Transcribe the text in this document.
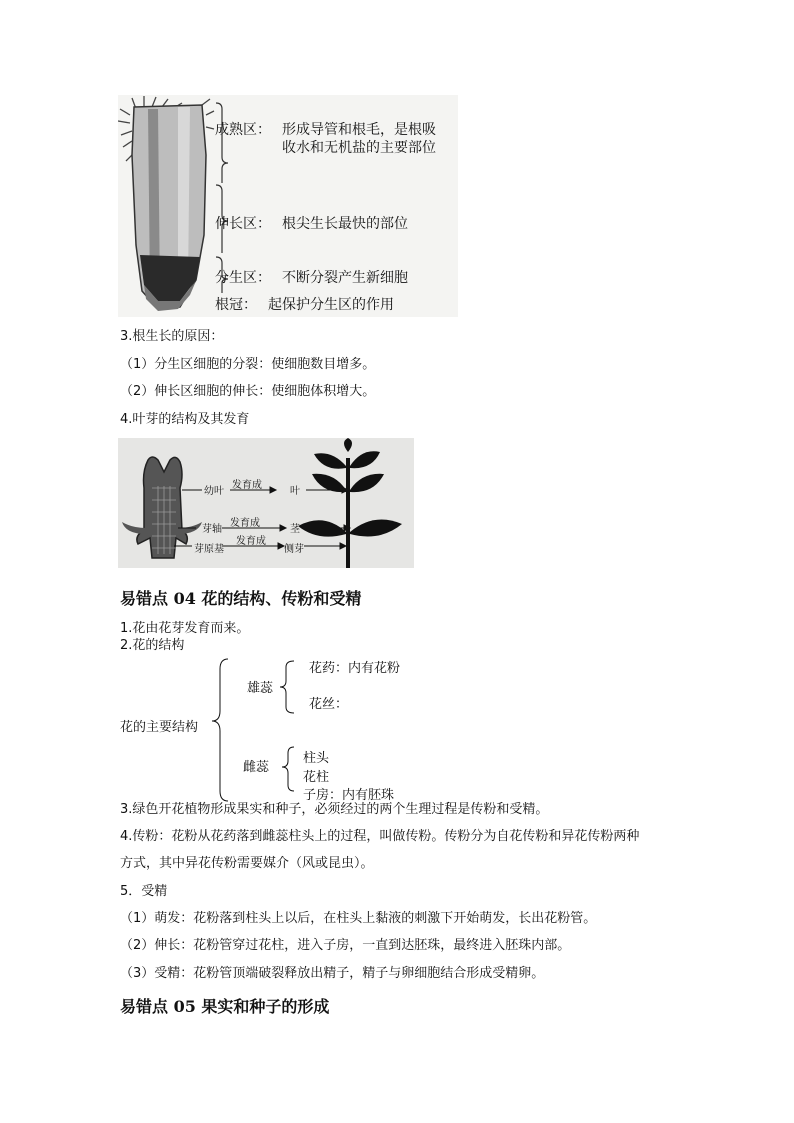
成熟区： 形成导管和根毛，是根吸
收水和无机盐的主要部位
伸长区： 根尖生长最快的部位
分生区： 不断分裂产生新细胞
根冠： 起保护分生区的作用
3.根生长的原因：
（1）分生区细胞的分裂：使细胞数目增多。
（2）伸长区细胞的伸长：使细胞体积增大。
4.叶芽的结构及其发育
幼叶
发育成
叶
芽轴
发育成
茎
芽原基
发育成
侧芽
易错点 04 花的结构、传粉和受精
1.花由花芽发育而来。
2.花的结构
花的主要结构
雄蕊
花药：内有花粉
花丝：
雌蕊
柱头
花柱
子房：内有胚珠
3.绿色开花植物形成果实和种子，必须经过的两个生理过程是传粉和受精。
4.传粉：花粉从花药落到雌蕊柱头上的过程，叫做传粉。传粉分为自花传粉和异花传粉两种
方式，其中异花传粉需要媒介（风或昆虫）。
5．受精
（1）萌发：花粉落到柱头上以后，在柱头上黏液的刺激下开始萌发，长出花粉管。
（2）伸长：花粉管穿过花柱，进入子房，一直到达胚珠，最终进入胚珠内部。
（3）受精：花粉管顶端破裂释放出精子，精子与卵细胞结合形成受精卵。
易错点 05 果实和种子的形成
